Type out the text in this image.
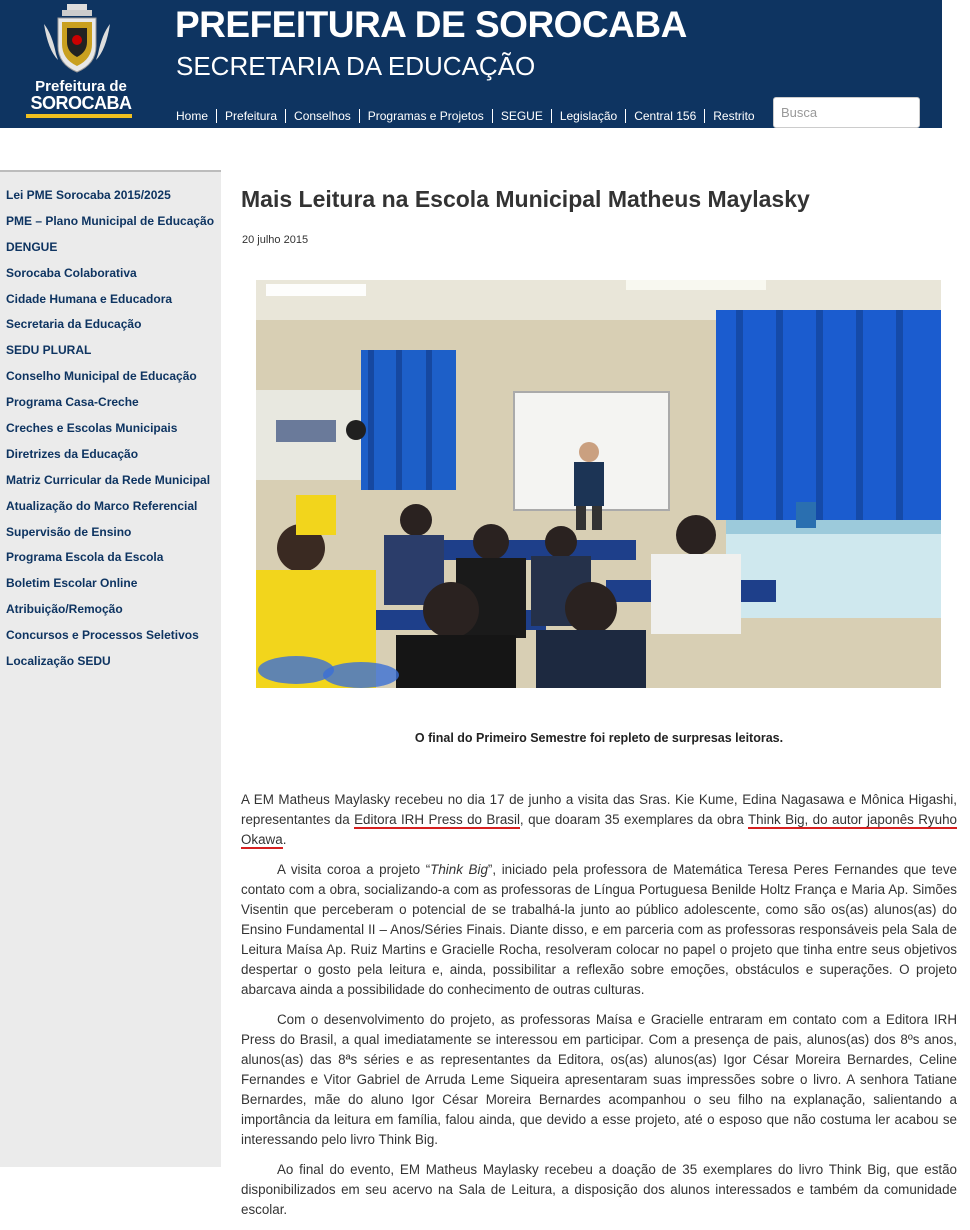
Prefeitura de
SOROCABA
PREFEITURA DE SOROCABA
SECRETARIA DA EDUCAÇÃO
Home	Prefeitura	Conselhos	Programas e Projetos	SEGUE	Legislação	Central 156	Restrito
Busca
Lei PME Sorocaba 2015/2025
PME – Plano Municipal de Educação
DENGUE
Sorocaba Colaborativa
Cidade Humana e Educadora
Secretaria da Educação
SEDU PLURAL
Conselho Municipal de Educação
Programa Casa-Creche
Creches e Escolas Municipais
Diretrizes da Educação
Matriz Curricular da Rede Municipal
Atualização do Marco Referencial
Supervisão de Ensino
Programa Escola da Escola
Boletim Escolar Online
Atribuição/Remoção
Concursos e Processos Seletivos
Localização SEDU
Mais Leitura na Escola Municipal Matheus Maylasky
20 julho 2015
O final do Primeiro Semestre foi repleto de surpresas leitoras.

A EM Matheus Maylasky recebeu no dia 17 de junho a visita das Sras. Kie Kume, Edina Nagasawa e Mônica Higashi, representantes da Editora IRH Press do Brasil, que doaram 35 exemplares da obra Think Big, do autor japonês Ryuho Okawa.

A visita coroa a projeto “Think Big”, iniciado pela professora de Matemática Teresa Peres Fernandes que teve contato com a obra, socializando-a com as professoras de Língua Portuguesa Benilde Holtz França e Maria Ap. Simões Visentin que perceberam o potencial de se trabalhá-la junto ao público adolescente, como são os(as) alunos(as) do Ensino Fundamental II – Anos/Séries Finais. Diante disso, e em parceria com as professoras responsáveis pela Sala de Leitura Maísa Ap. Ruiz Martins e Gracielle Rocha, resolveram colocar no papel o projeto que tinha entre seus objetivos despertar o gosto pela leitura e, ainda, possibilitar a reflexão sobre emoções, obstáculos e superações. O projeto abarcava ainda a possibilidade do conhecimento de outras culturas.

Com o desenvolvimento do projeto, as professoras Maísa e Gracielle entraram em contato com a Editora IRH Press do Brasil, a qual imediatamente se interessou em participar. Com a presença de pais, alunos(as) dos 8ºs anos, alunos(as) das 8ªs séries e as representantes da Editora, os(as) alunos(as) Igor César Moreira Bernardes, Celine Fernandes e Vitor Gabriel de Arruda Leme Siqueira apresentaram suas impressões sobre o livro. A senhora Tatiane Bernardes, mãe do aluno Igor César Moreira Bernardes acompanhou o seu filho na explanação, salientando a importância da leitura em família, falou ainda, que devido a esse projeto, até o esposo que não costuma ler acabou se interessando pelo livro Think Big.

Ao final do evento, EM Matheus Maylasky recebeu a doação de 35 exemplares do livro Think Big, que estão disponibilizados em seu acervo na Sala de Leitura, a disposição dos alunos interessados e também da comunidade escolar.
